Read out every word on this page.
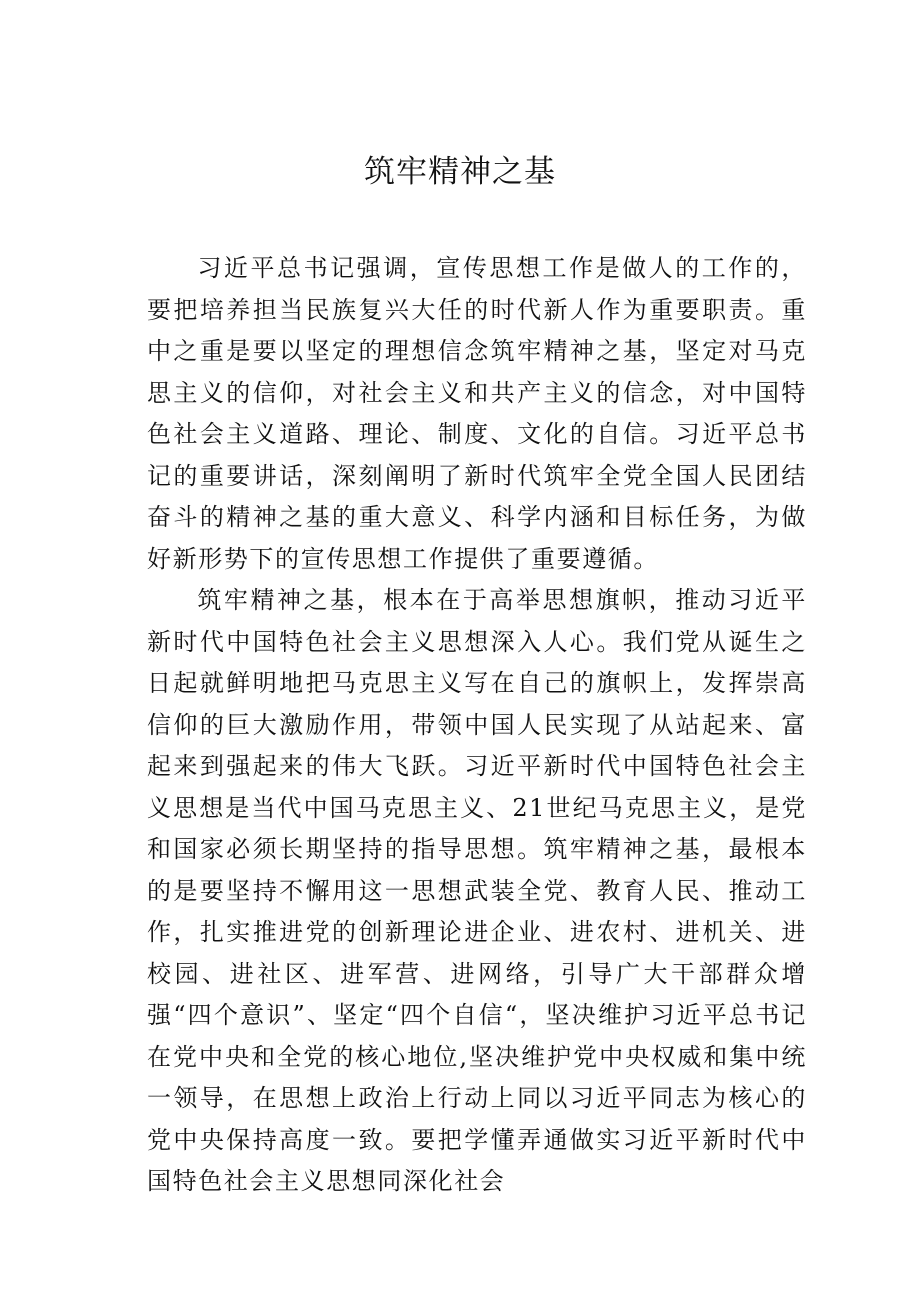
筑牢精神之基

习近平总书记强调，宣传思想工作是做人的工作的，要把培养担当民族复兴大任的时代新人作为重要职责。重中之重是要以坚定的理想信念筑牢精神之基，坚定对马克思主义的信仰，对社会主义和共产主义的信念，对中国特色社会主义道路、理论、制度、文化的自信。习近平总书记的重要讲话，深刻阐明了新时代筑牢全党全国人民团结奋斗的精神之基的重大意义、科学内涵和目标任务，为做好新形势下的宣传思想工作提供了重要遵循。

筑牢精神之基，根本在于高举思想旗帜，推动习近平新时代中国特色社会主义思想深入人心。我们党从诞生之日起就鲜明地把马克思主义写在自己的旗帜上，发挥崇高信仰的巨大激励作用，带领中国人民实现了从站起来、富起来到强起来的伟大飞跃。习近平新时代中国特色社会主义思想是当代中国马克思主义、21世纪马克思主义，是党和国家必须长期坚持的指导思想。筑牢精神之基，最根本的是要坚持不懈用这一思想武装全党、教育人民、推动工作，扎实推进党的创新理论进企业、进农村、进机关、进校园、进社区、进军营、进网络，引导广大干部群众增强“四个意识”、坚定“四个自信“，坚决维护习近平总书记在党中央和全党的核心地位,坚决维护党中央权威和集中统一领导，在思想上政治上行动上同以习近平同志为核心的党中央保持高度一致。要把学懂弄通做实习近平新时代中国特色社会主义思想同深化社会
